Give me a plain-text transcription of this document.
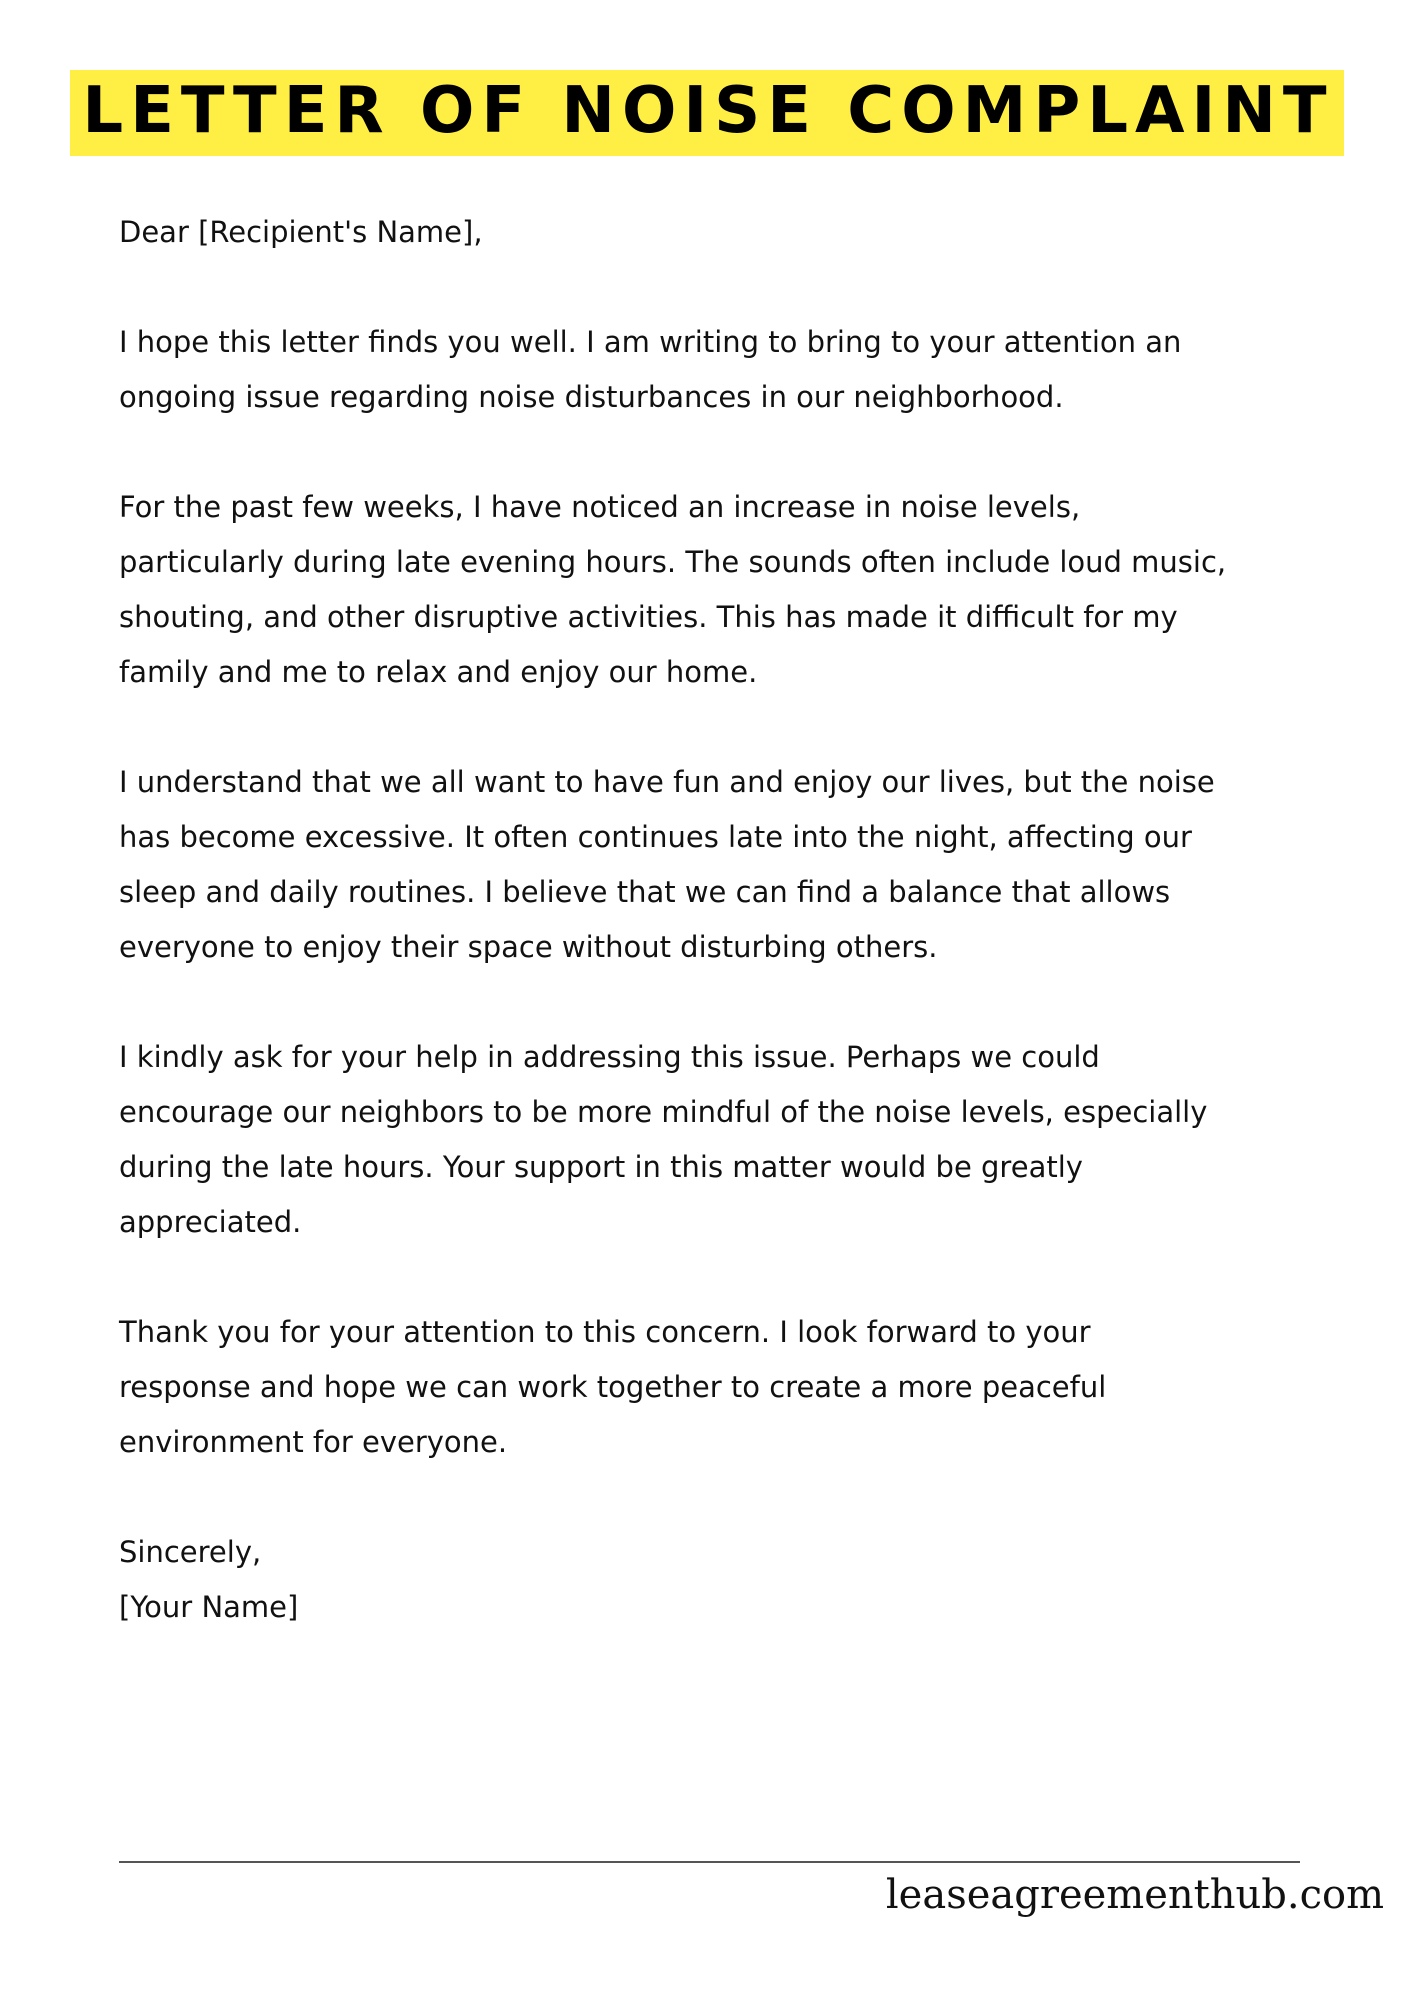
LETTER OF NOISE COMPLAINT

Dear [Recipient's Name],

I hope this letter finds you well. I am writing to bring to your attention an
ongoing issue regarding noise disturbances in our neighborhood.

For the past few weeks, I have noticed an increase in noise levels,
particularly during late evening hours. The sounds often include loud music,
shouting, and other disruptive activities. This has made it difficult for my
family and me to relax and enjoy our home.

I understand that we all want to have fun and enjoy our lives, but the noise
has become excessive. It often continues late into the night, affecting our
sleep and daily routines. I believe that we can find a balance that allows
everyone to enjoy their space without disturbing others.

I kindly ask for your help in addressing this issue. Perhaps we could
encourage our neighbors to be more mindful of the noise levels, especially
during the late hours. Your support in this matter would be greatly
appreciated.

Thank you for your attention to this concern. I look forward to your
response and hope we can work together to create a more peaceful
environment for everyone.

Sincerely,
[Your Name]
leaseagreementhub.com
